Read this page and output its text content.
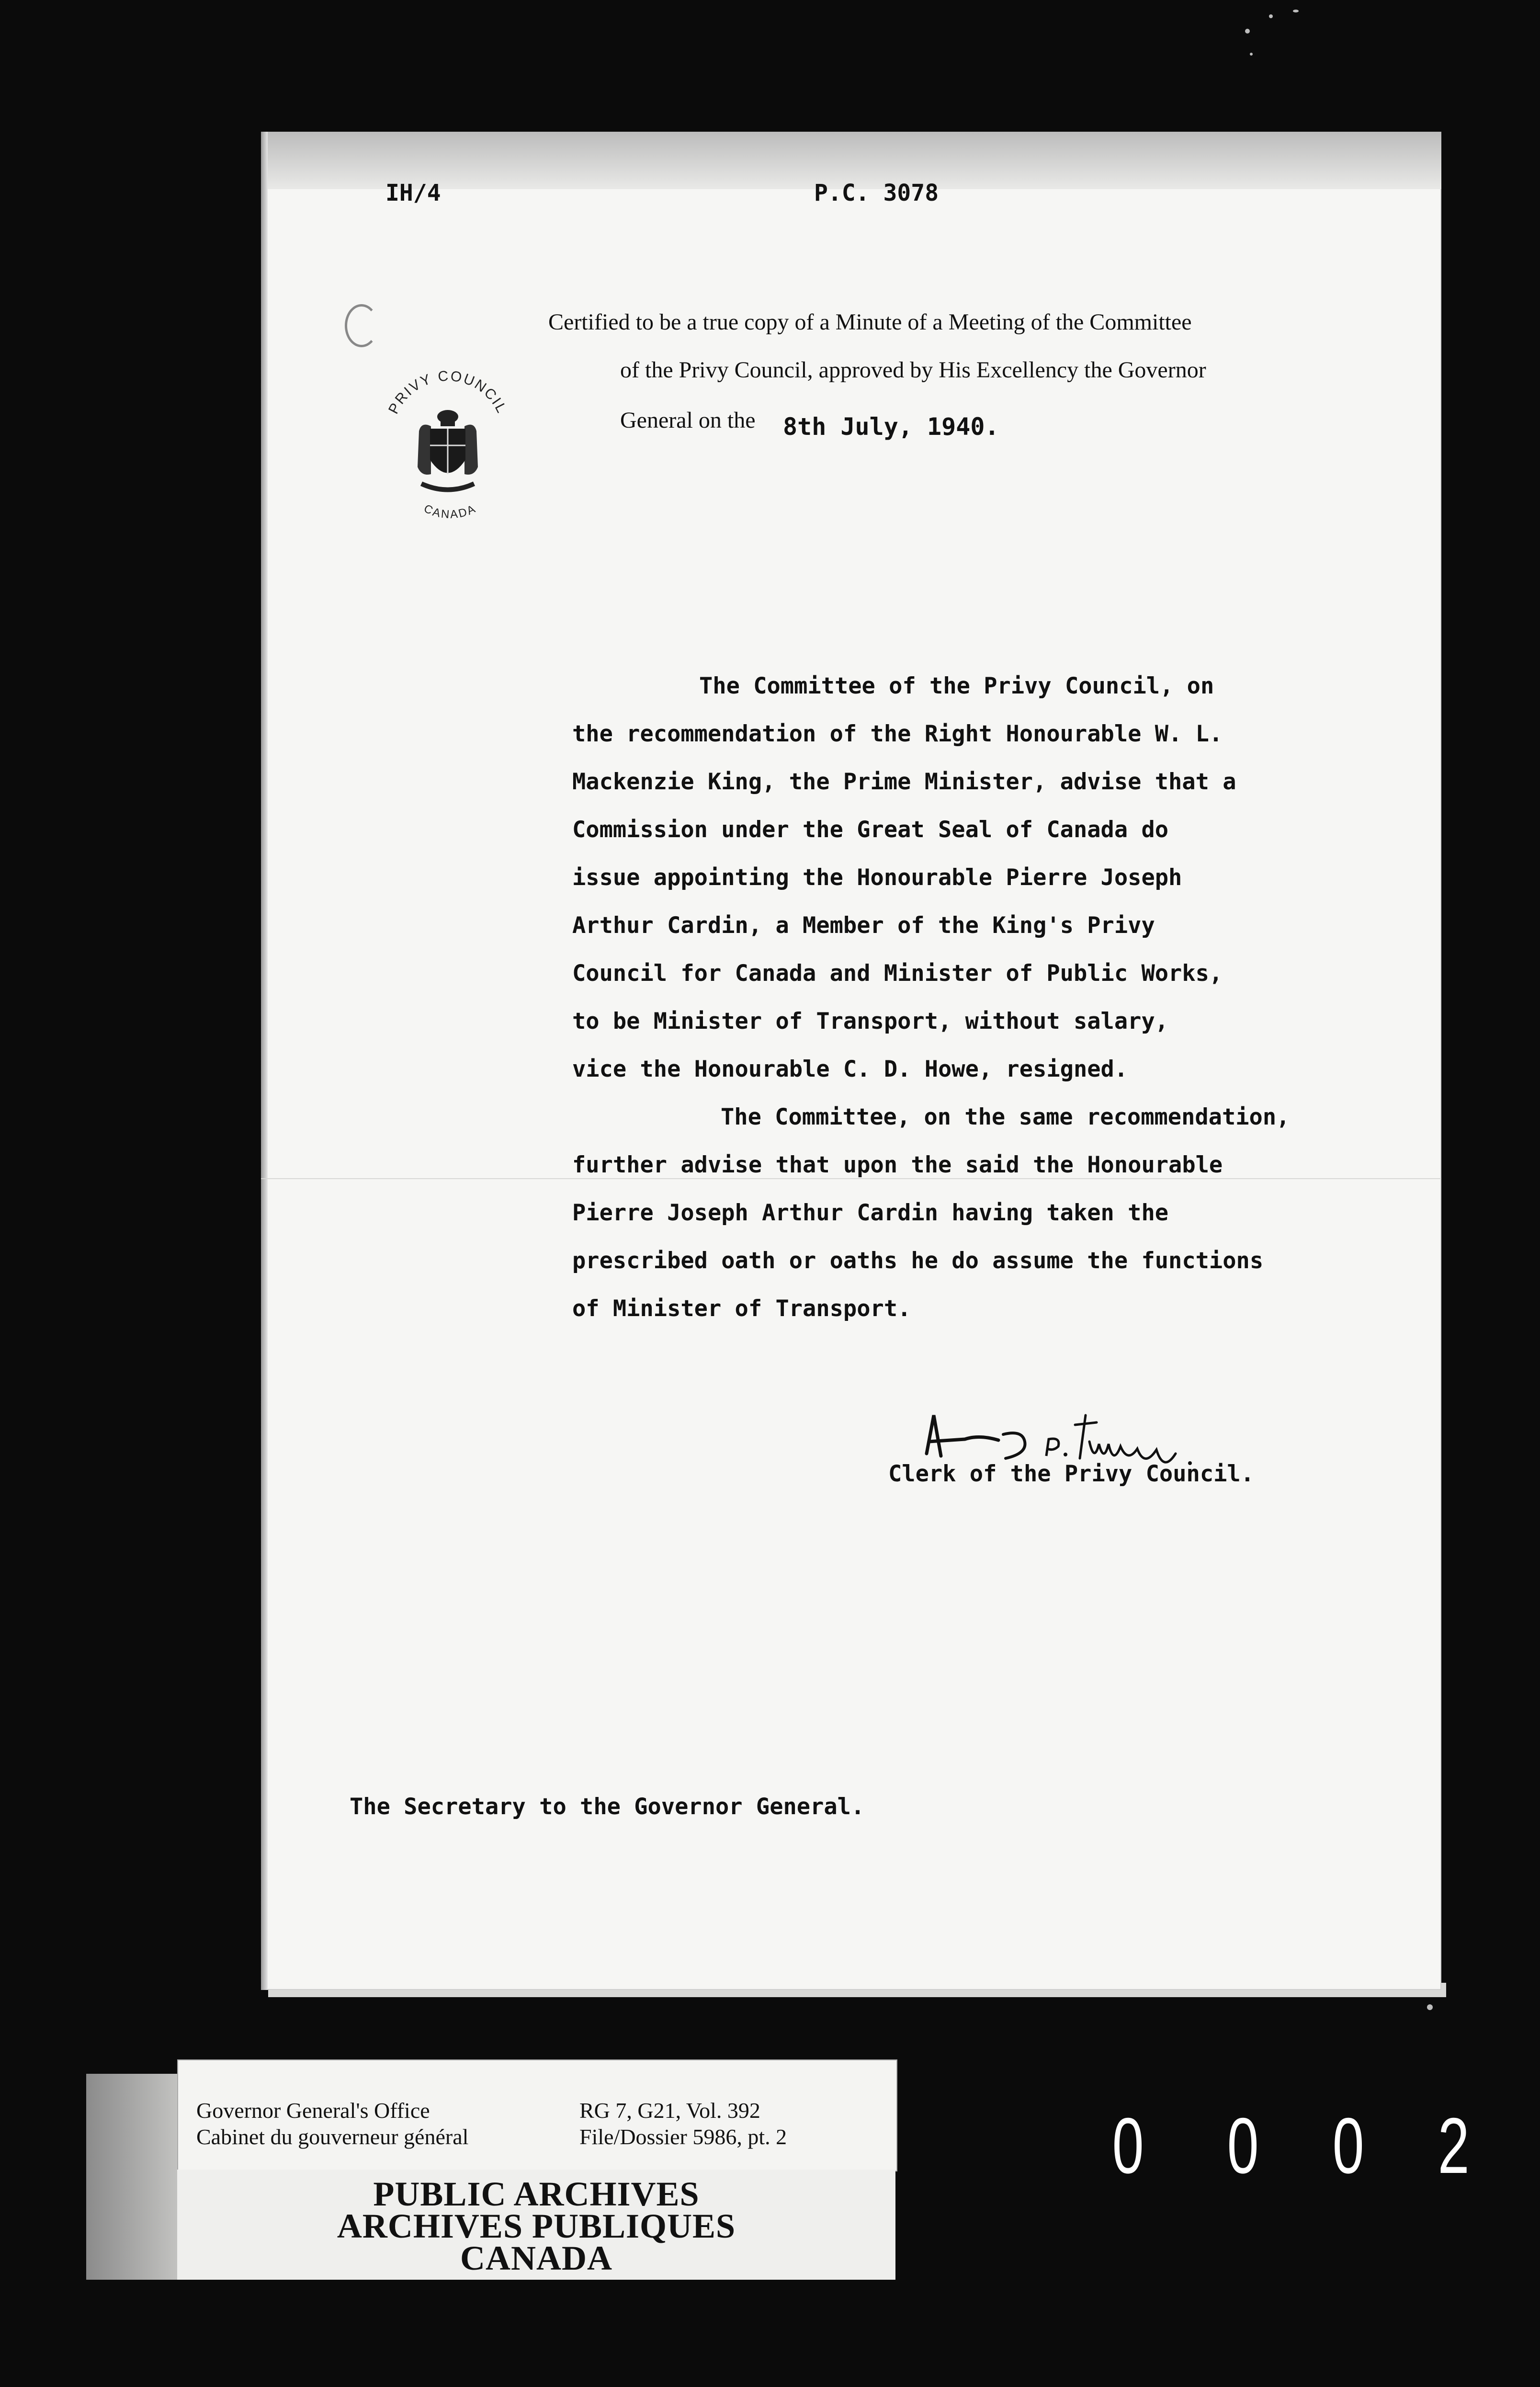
IH/4	P.C. 3078
Certified to be a true copy of a Minute of a Meeting of the Committee
of the Privy Council, approved by His Excellency the Governor
General on the 8th July, 1940.
PRIVY COUNCIL
CANADA
The Committee of the Privy Council, on
the recommendation of the Right Honourable W. L.
Mackenzie King, the Prime Minister, advise that a
Commission under the Great Seal of Canada do
issue appointing the Honourable Pierre Joseph
Arthur Cardin, a Member of the King's Privy
Council for Canada and Minister of Public Works,
to be Minister of Transport, without salary,
vice the Honourable C. D. Howe, resigned.
The Committee, on the same recommendation,
further advise that upon the said the Honourable
Pierre Joseph Arthur Cardin having taken the
prescribed oath or oaths he do assume the functions
of Minister of Transport.
Clerk of the Privy Council.
The Secretary to the Governor General.
Governor General's Office
Cabinet du gouverneur général
RG 7, G21, Vol. 392
File/Dossier 5986, pt. 2
PUBLIC ARCHIVES
ARCHIVES PUBLIQUES
CANADA
0 0 0 2
